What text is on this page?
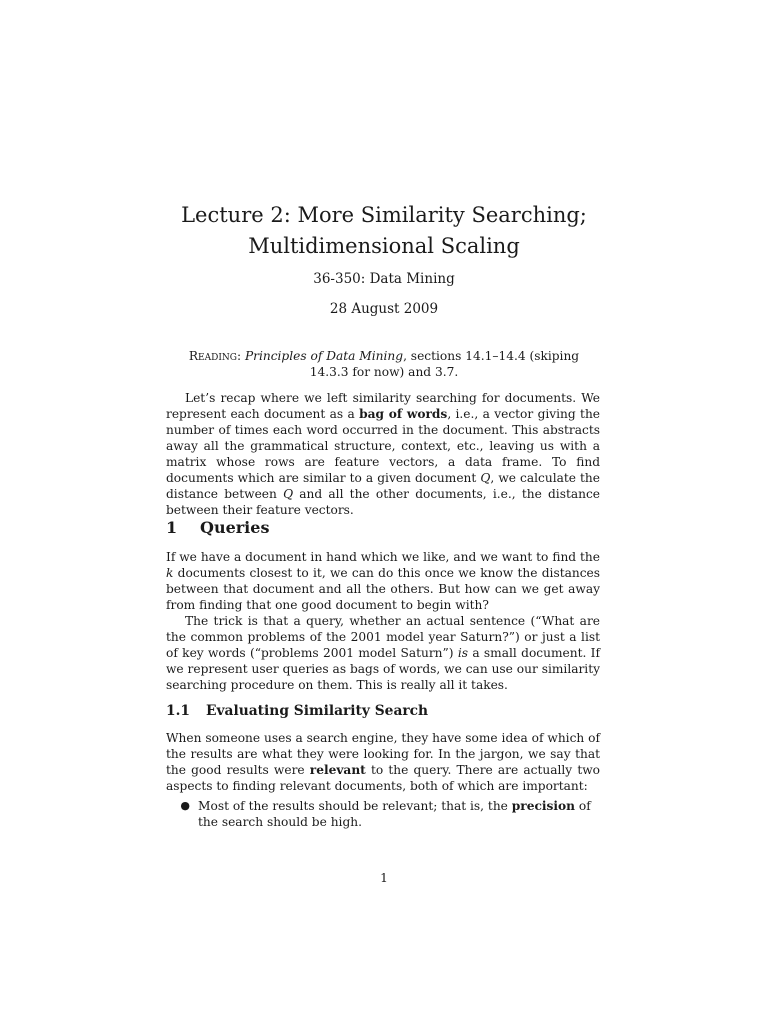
Lecture 2: More Similarity Searching;
Multidimensional Scaling
36-350: Data Mining
28 August 2009
Reading: Principles of Data Mining, sections 14.1–14.4 (skiping 14.3.3 for now) and 3.7.
Let’s recap where we left similarity searching for documents. We represent each document as a bag of words, i.e., a vector giving the number of times each word occurred in the document. This abstracts away all the grammatical structure, context, etc., leaving us with a matrix whose rows are feature vectors, a data frame. To find documents which are similar to a given document Q, we calculate the distance between Q and all the other documents, i.e., the distance between their feature vectors.
1 Queries
If we have a document in hand which we like, and we want to find the k documents closest to it, we can do this once we know the distances between that document and all the others. But how can we get away from finding that one good document to begin with?
The trick is that a query, whether an actual sentence (“What are the common problems of the 2001 model year Saturn?”) or just a list of key words (“problems 2001 model Saturn”) is a small document. If we represent user queries as bags of words, we can use our similarity searching procedure on them. This is really all it takes.
1.1 Evaluating Similarity Search
When someone uses a search engine, they have some idea of which of the results are what they were looking for. In the jargon, we say that the good results were relevant to the query. There are actually two aspects to finding relevant documents, both of which are important:
● Most of the results should be relevant; that is, the precision of the search should be high.
1
